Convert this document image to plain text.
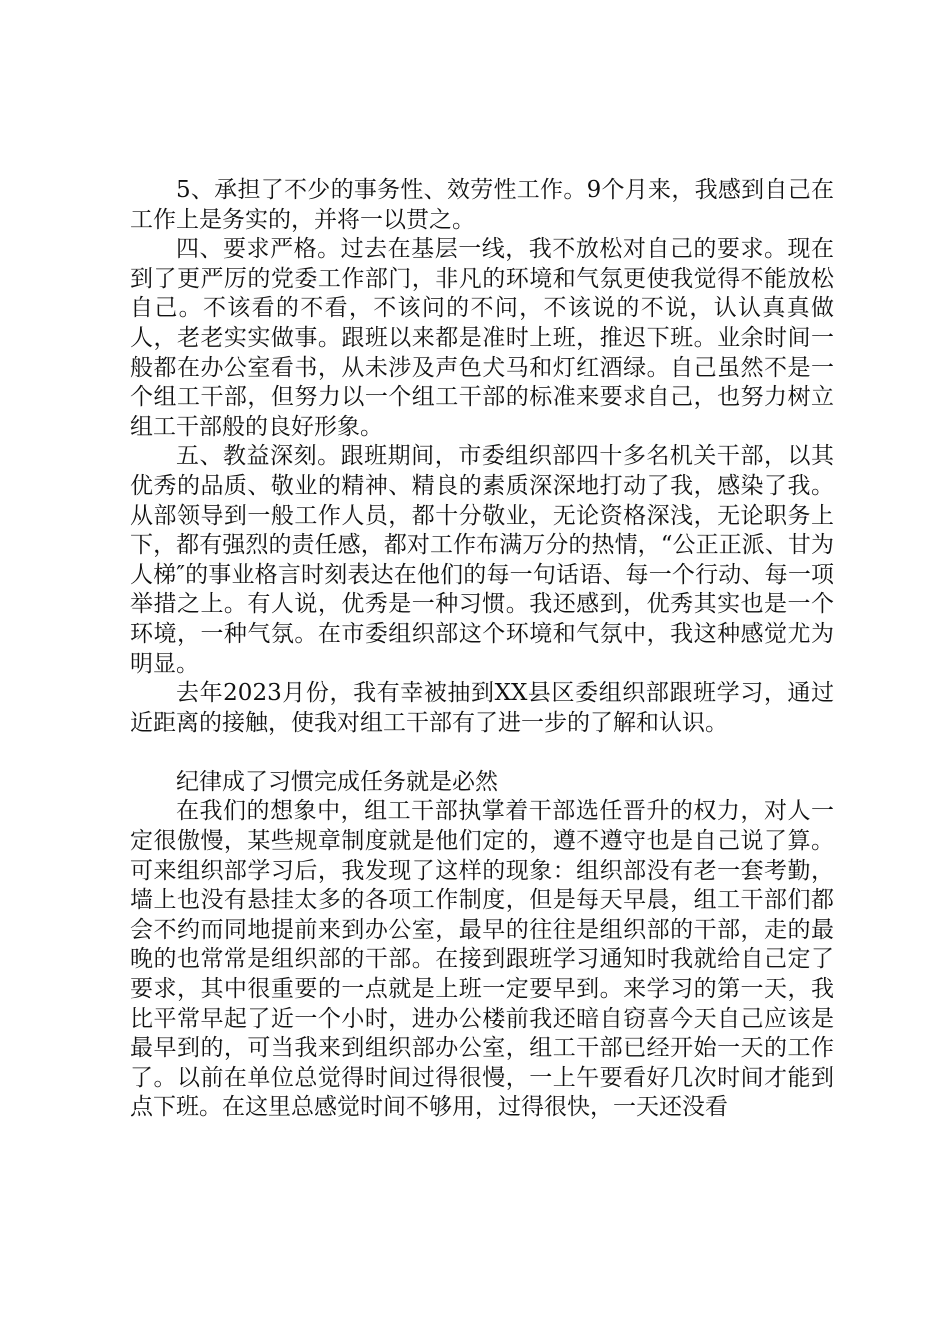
5、承担了不少的事务性、效劳性工作。9个月来，我感到自己在工作上是务实的，并将一以贯之。

四、要求严格。过去在基层一线，我不放松对自己的要求。现在到了更严厉的党委工作部门，非凡的环境和气氛更使我觉得不能放松自己。不该看的不看，不该问的不问，不该说的不说，认认真真做人，老老实实做事。跟班以来都是准时上班，推迟下班。业余时间一般都在办公室看书，从未涉及声色犬马和灯红酒绿。自己虽然不是一个组工干部，但努力以一个组工干部的标准来要求自己，也努力树立组工干部般的良好形象。

五、教益深刻。跟班期间，市委组织部四十多名机关干部，以其优秀的品质、敬业的精神、精良的素质深深地打动了我，感染了我。从部领导到一般工作人员，都十分敬业，无论资格深浅，无论职务上下，都有强烈的责任感，都对工作布满万分的热情，“公正正派、甘为人梯″的事业格言时刻表达在他们的每一句话语、每一个行动、每一项举措之上。有人说，优秀是一种习惯。我还感到，优秀其实也是一个环境，一种气氛。在市委组织部这个环境和气氛中，我这种感觉尤为明显。

去年2023月份，我有幸被抽到XX县区委组织部跟班学习，通过近距离的接触，使我对组工干部有了进一步的了解和认识。

纪律成了习惯完成任务就是必然

在我们的想象中，组工干部执掌着干部选任晋升的权力，对人一定很傲慢，某些规章制度就是他们定的，遵不遵守也是自己说了算。可来组织部学习后，我发现了这样的现象：组织部没有老一套考勤，墙上也没有悬挂太多的各项工作制度，但是每天早晨，组工干部们都会不约而同地提前来到办公室，最早的往往是组织部的干部，走的最晚的也常常是组织部的干部。在接到跟班学习通知时我就给自己定了要求，其中很重要的一点就是上班一定要早到。来学习的第一天，我比平常早起了近一个小时，进办公楼前我还暗自窃喜今天自己应该是最早到的，可当我来到组织部办公室，组工干部已经开始一天的工作了。以前在单位总觉得时间过得很慢，一上午要看好几次时间才能到点下班。在这里总感觉时间不够用，过得很快，一天还没看
